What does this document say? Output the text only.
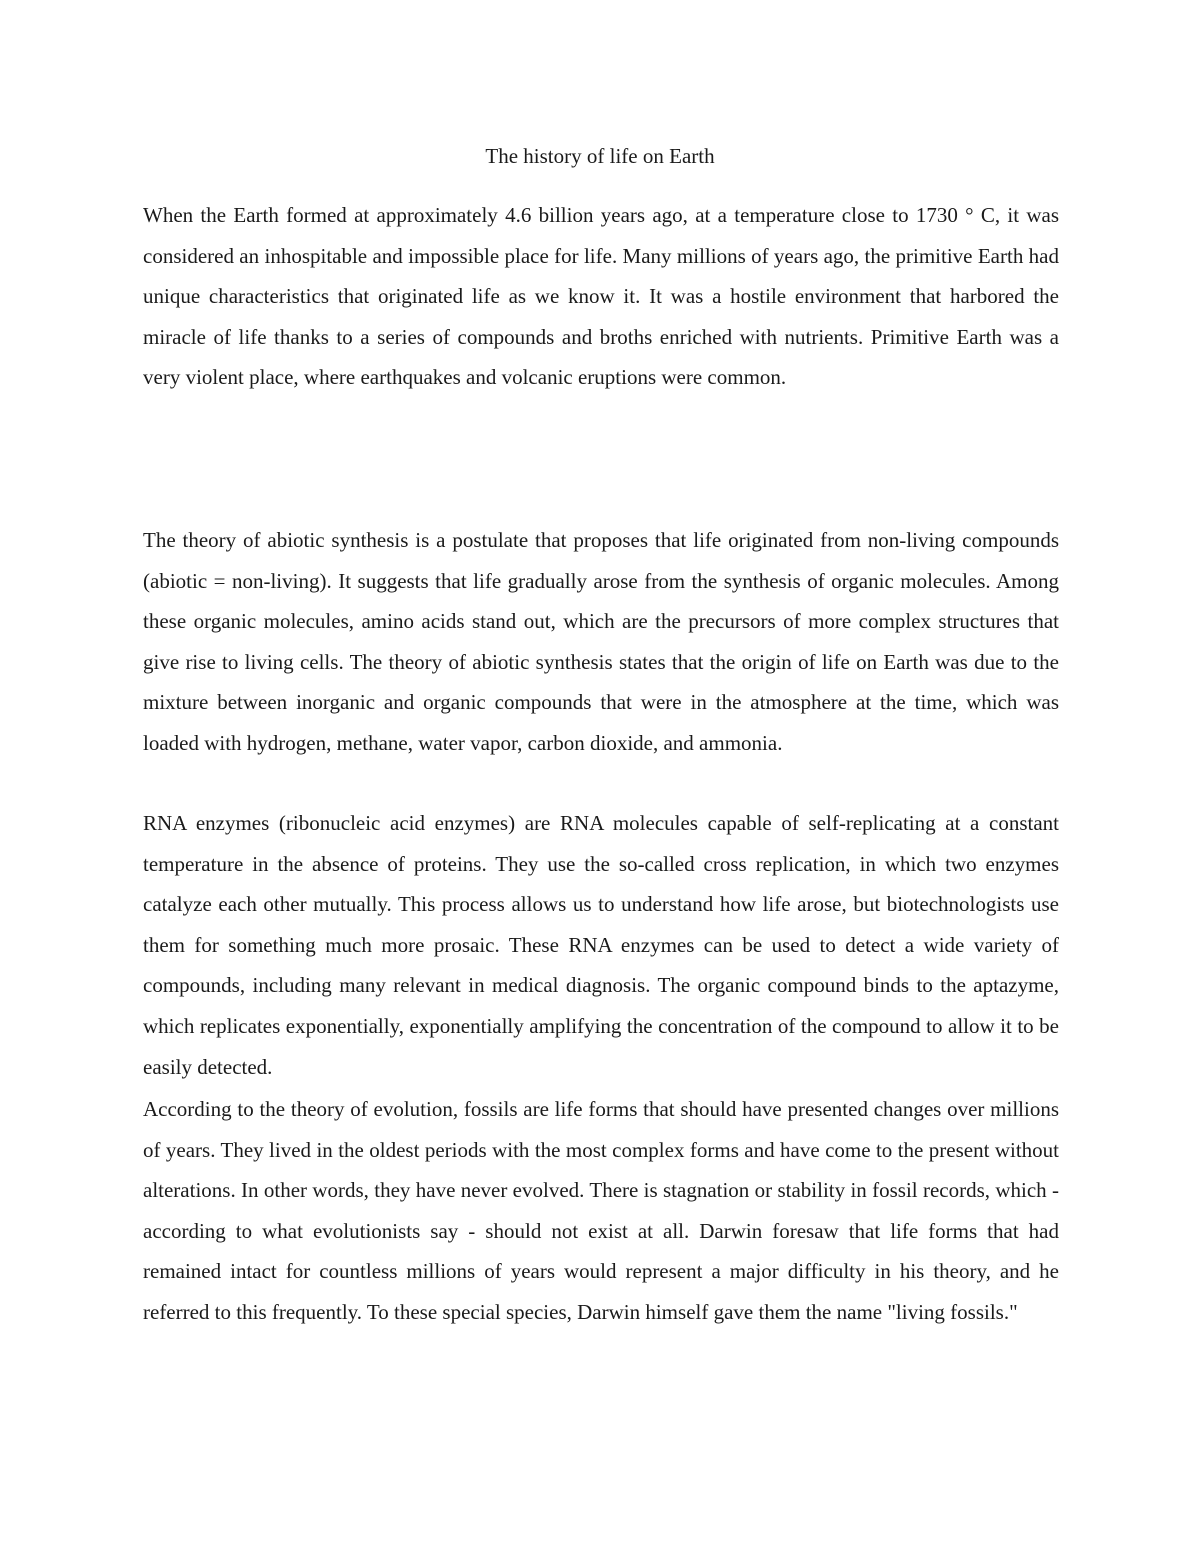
The history of life on Earth

When the Earth formed at approximately 4.6 billion years ago, at a temperature close to 1730 ° C, it was considered an inhospitable and impossible place for life. Many millions of years ago, the primitive Earth had unique characteristics that originated life as we know it. It was a hostile environment that harbored the miracle of life thanks to a series of compounds and broths enriched with nutrients. Primitive Earth was a very violent place, where earthquakes and volcanic eruptions were common.

The theory of abiotic synthesis is a postulate that proposes that life originated from non-living compounds (abiotic = non-living). It suggests that life gradually arose from the synthesis of organic molecules. Among these organic molecules, amino acids stand out, which are the precursors of more complex structures that give rise to living cells. The theory of abiotic synthesis states that the origin of life on Earth was due to the mixture between inorganic and organic compounds that were in the atmosphere at the time, which was loaded with hydrogen, methane, water vapor, carbon dioxide, and ammonia.

RNA enzymes (ribonucleic acid enzymes) are RNA molecules capable of self-replicating at a constant temperature in the absence of proteins. They use the so-called cross replication, in which two enzymes catalyze each other mutually. This process allows us to understand how life arose, but biotechnologists use them for something much more prosaic. These RNA enzymes can be used to detect a wide variety of compounds, including many relevant in medical diagnosis. The organic compound binds to the aptazyme, which replicates exponentially, exponentially amplifying the concentration of the compound to allow it to be easily detected.

According to the theory of evolution, fossils are life forms that should have presented changes over millions of years. They lived in the oldest periods with the most complex forms and have come to the present without alterations. In other words, they have never evolved. There is stagnation or stability in fossil records, which - according to what evolutionists say - should not exist at all. Darwin foresaw that life forms that had remained intact for countless millions of years would represent a major difficulty in his theory, and he referred to this frequently. To these special species, Darwin himself gave them the name "living fossils."
